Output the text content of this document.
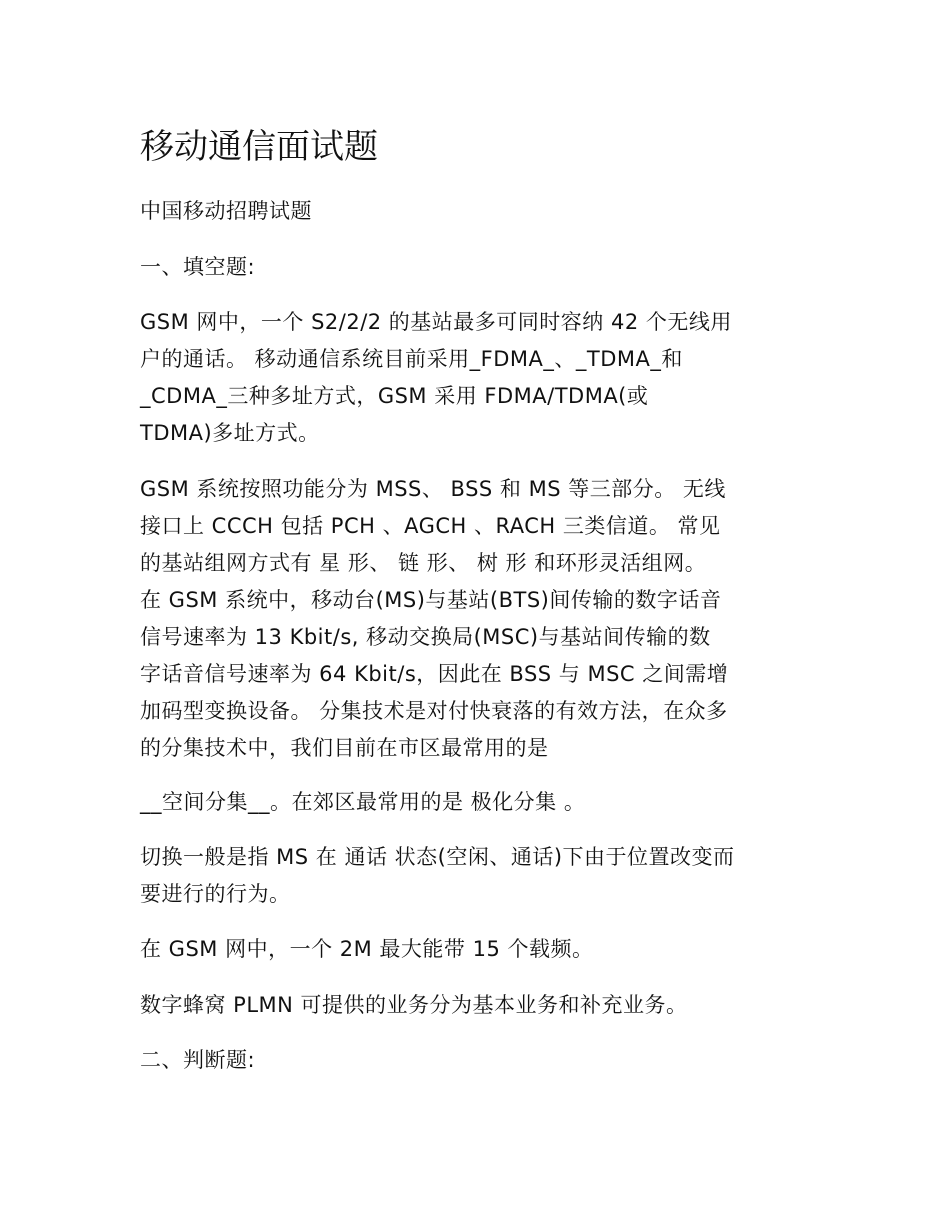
移动通信面试题

中国移动招聘试题

一、填空题:

GSM 网中，一个 S2/2/2 的基站最多可同时容纳 42 个无线用

户的通话。 移动通信系统目前采用_FDMA_、_TDMA_和

_CDMA_三种多址方式，GSM 采用 FDMA/TDMA(或

TDMA)多址方式。

GSM 系统按照功能分为 MSS、 BSS 和 MS 等三部分。 无线

接口上 CCCH 包括 PCH 、AGCH 、RACH 三类信道。 常见

的基站组网方式有 星 形、 链 形、 树 形 和环形灵活组网。

在 GSM 系统中，移动台(MS)与基站(BTS)间传输的数字话音

信号速率为 13 Kbit/s, 移动交换局(MSC)与基站间传输的数

字话音信号速率为 64 Kbit/s，因此在 BSS 与 MSC 之间需增

加码型变换设备。 分集技术是对付快衰落的有效方法，在众多

的分集技术中，我们目前在市区最常用的是

__空间分集__。在郊区最常用的是 极化分集 。

切换一般是指 MS 在 通话 状态(空闲、通话)下由于位置改变而

要进行的行为。

在 GSM 网中，一个 2M 最大能带 15 个载频。

数字蜂窝 PLMN 可提供的业务分为基本业务和补充业务。

二、判断题:
